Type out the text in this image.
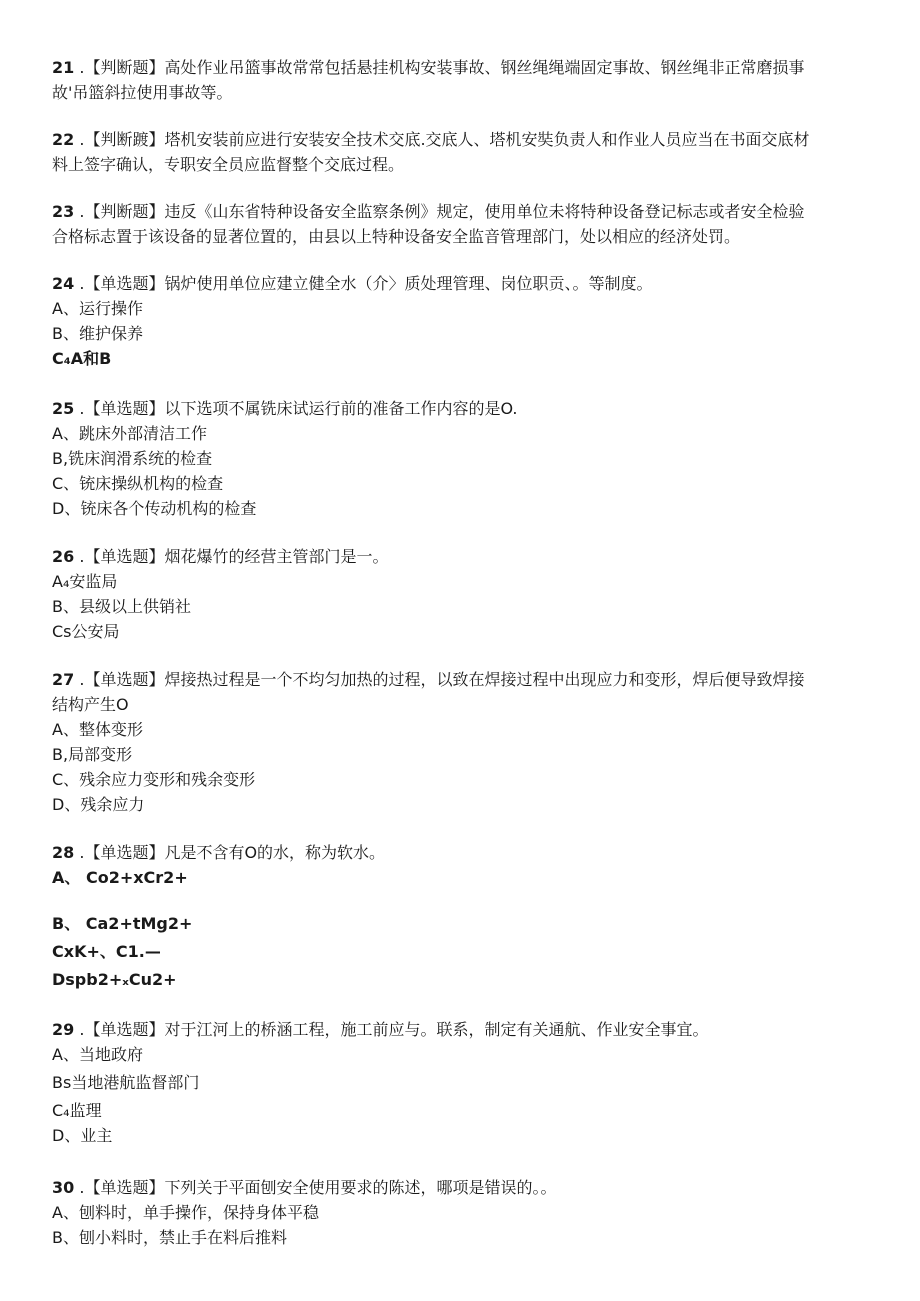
21 .【判断题】高处作业吊篮事故常常包括悬挂机构安装事故、钢丝绳绳端固定事故、钢丝绳非正常磨损事
故'吊篮斜拉使用事故等。
22 .【判断踱】塔机安装前应进行安装安全技术交底.交底人、塔机安奘负责人和作业人员应当在书面交底材
料上签字确认，专职安全员应监督整个交底过程。
23 .【判断题】违反《山东省特种设备安全监察条例》规定，使用单位未将特种设备登记标志或者安全检验
合格标志置于该设备的显著位置的，由县以上特种设备安全监音管理部门，处以相应的经济处罚。
24 .【单选题】锅炉使用单位应建立健全水（介〉质处理管理、岗位职贡、。等制度。
A、运行操作
B、维护保养
C₄A和B
25 .【单选题】以下选项不属铣床试运行前的准备工作内容的是O.
A、跳床外部清洁工作
B,铣床润滑系统的检查
C、铳床操纵机构的检查
D、铳床各个传动机构的检查
26 .【单选题】烟花爆竹的经营主管部门是一。
A₄安监局
B、县级以上供销社
Cs公安局
27 .【单选题】焊接热过程是一个不均匀加热的过程，以致在焊接过程中出现应力和变形，焊后便导致焊接
结构产生O
A、整体变形
B,局部变形
C、残余应力变形和残余变形
D、残余应力
28 .【单选题】凡是不含有O的水，称为软水。
A、 Co2+xCr2+
B、 Ca2+tMg2+
CxK+、C1.—
Dspb2+ₓCu2+
29 .【单选题】对于江河上的桥涵工程，施工前应与。联系，制定有关通航、作业安全事宜。
A、当地政府
Bs当地港航监督部门
C₄监理
D、业主
30 .【单选题】下列关于平面刨安全使用要求的陈述，哪项是错误的。。
A、刨料时，单手操作，保持身体平稳
B、刨小料时，禁止手在料后推料
